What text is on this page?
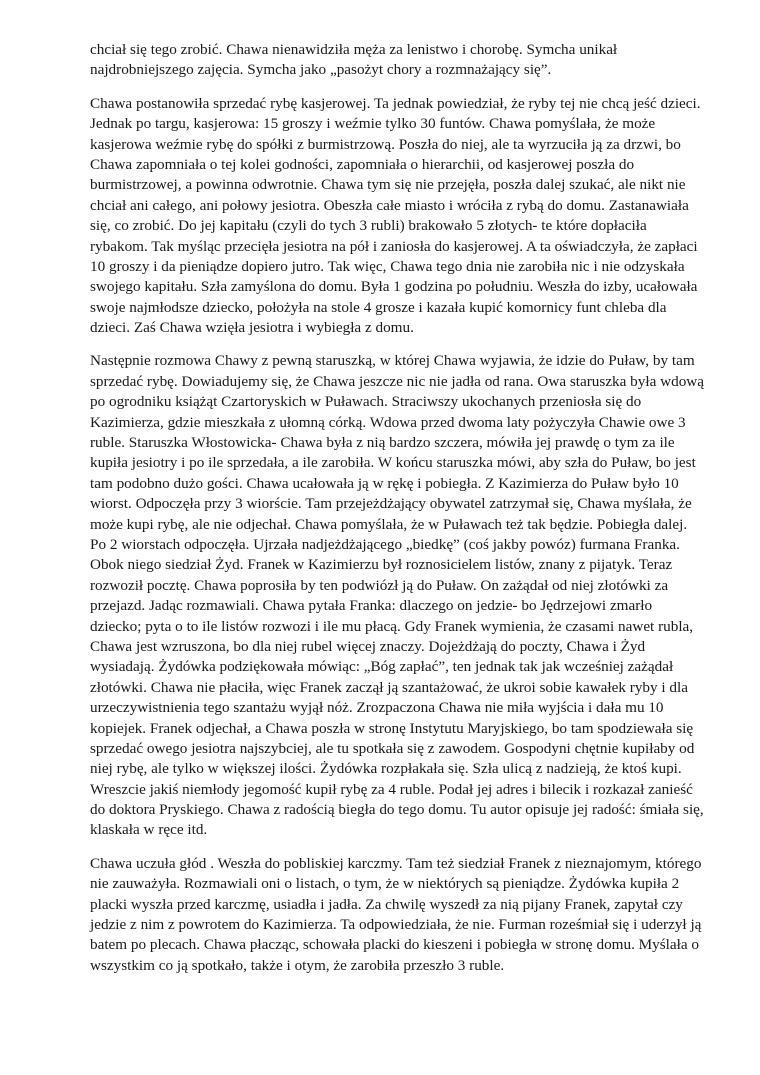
chciał się tego zrobić. Chawa nienawidziła męża za lenistwo i chorobę. Symcha unikał
najdrobniejszego zajęcia. Symcha jako „pasożyt chory a rozmnażający się”.
Chawa postanowiła sprzedać rybę kasjerowej. Ta jednak powiedział, że ryby tej nie chcą jeść dzieci.
Jednak po targu, kasjerowa: 15 groszy i weźmie tylko 30 funtów. Chawa pomyślała, że może
kasjerowa weźmie rybę do spółki z burmistrzową. Poszła do niej, ale ta wyrzuciła ją za drzwi, bo
Chawa zapomniała o tej kolei godności, zapomniała o hierarchii, od kasjerowej poszła do
burmistrzowej, a powinna odwrotnie. Chawa tym się nie przejęła, poszła dalej szukać, ale nikt nie
chciał ani całego, ani połowy jesiotra. Obeszła całe miasto i wróciła z rybą do domu. Zastanawiała
się, co zrobić. Do jej kapitału (czyli do tych 3 rubli) brakowało 5 złotych- te które dopłaciła
rybakom. Tak myśląc przecięła jesiotra na pół i zaniosła do kasjerowej. A ta oświadczyła, że zapłaci
10 groszy i da pieniądze dopiero jutro. Tak więc, Chawa tego dnia nie zarobiła nic i nie odzyskała
swojego kapitału. Szła zamyślona do domu. Była 1 godzina po południu. Weszła do izby, ucałowała
swoje najmłodsze dziecko, położyła na stole 4 grosze i kazała kupić komornicy funt chleba dla
dzieci. Zaś Chawa wzięła jesiotra i wybiegła z domu.
Następnie rozmowa Chawy z pewną staruszką, w której Chawa wyjawia, że idzie do Puław, by tam
sprzedać rybę. Dowiadujemy się, że Chawa jeszcze nic nie jadła od rana. Owa staruszka była wdową
po ogrodniku książąt Czartoryskich w Puławach. Straciwszy ukochanych przeniosła się do
Kazimierza, gdzie mieszkała z ułomną córką. Wdowa przed dwoma laty pożyczyła Chawie owe 3
ruble. Staruszka Włostowicka- Chawa była z nią bardzo szczera, mówiła jej prawdę o tym za ile
kupiła jesiotry i po ile sprzedała, a ile zarobiła. W końcu staruszka mówi, aby szła do Puław, bo jest
tam podobno dużo gości. Chawa ucałowała ją w rękę i pobiegła. Z Kazimierza do Puław było 10
wiorst. Odpoczęła przy 3 wiorście. Tam przejeżdżający obywatel zatrzymał się, Chawa myślała, że
może kupi rybę, ale nie odjechał. Chawa pomyślała, że w Puławach też tak będzie. Pobiegła dalej.
Po 2 wiorstach odpoczęła. Ujrzała nadjeżdżającego „biedkę” (coś jakby powóz) furmana Franka.
Obok niego siedział Żyd. Franek w Kazimierzu był roznosicielem listów, znany z pijatyk. Teraz
rozwoził pocztę. Chawa poprosiła by ten podwiózł ją do Puław. On zażądał od niej złotówki za
przejazd. Jadąc rozmawiali. Chawa pytała Franka: dlaczego on jedzie- bo Jędrzejowi zmarło
dziecko; pyta o to ile listów rozwozi i ile mu płacą. Gdy Franek wymienia, że czasami nawet rubla,
Chawa jest wzruszona, bo dla niej rubel więcej znaczy. Dojeżdżają do poczty, Chawa i Żyd
wysiadają. Żydówka podziękowała mówiąc: „Bóg zapłać”, ten jednak tak jak wcześniej zażądał
złotówki. Chawa nie płaciła, więc Franek zaczął ją szantażować, że ukroi sobie kawałek ryby i dla
urzeczywistnienia tego szantażu wyjął nóż. Zrozpaczona Chawa nie miła wyjścia i dała mu 10
kopiejek. Franek odjechał, a Chawa poszła w stronę Instytutu Maryjskiego, bo tam spodziewała się
sprzedać owego jesiotra najszybciej, ale tu spotkała się z zawodem. Gospodyni chętnie kupiłaby od
niej rybę, ale tylko w większej ilości. Żydówka rozpłakała się. Szła ulicą z nadzieją, że ktoś kupi.
Wreszcie jakiś niemłody jegomość kupił rybę za 4 ruble. Podał jej adres i bilecik i rozkazał zanieść
do doktora Pryskiego. Chawa z radością biegła do tego domu. Tu autor opisuje jej radość: śmiała się,
klaskała w ręce itd.
Chawa uczuła głód . Weszła do pobliskiej karczmy. Tam też siedział Franek z nieznajomym, którego
nie zauważyła. Rozmawiali oni o listach, o tym, że w niektórych są pieniądze. Żydówka kupiła 2
placki wyszła przed karczmę, usiadła i jadła. Za chwilę wyszedł za nią pijany Franek, zapytał czy
jedzie z nim z powrotem do Kazimierza. Ta odpowiedziała, że nie. Furman roześmiał się i uderzył ją
batem po plecach. Chawa płacząc, schowała placki do kieszeni i pobiegła w stronę domu. Myślała o
wszystkim co ją spotkało, także i otym, że zarobiła przeszło 3 ruble.
